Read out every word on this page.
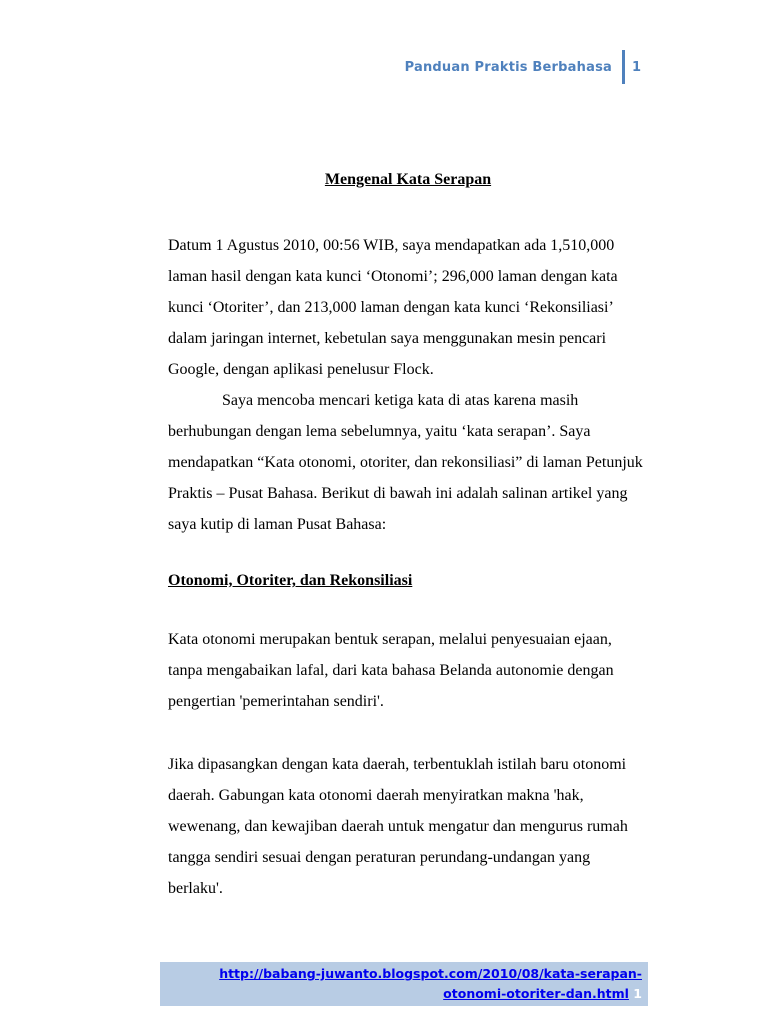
Panduan Praktis Berbahasa 1

Mengenal Kata Serapan

Datum 1 Agustus 2010, 00:56 WIB, saya mendapatkan ada 1,510,000 laman hasil dengan kata kunci ‘Otonomi’; 296,000 laman dengan kata kunci ‘Otoriter’, dan 213,000 laman dengan kata kunci ‘Rekonsiliasi’ dalam jaringan internet, kebetulan saya menggunakan mesin pencari Google, dengan aplikasi penelusur Flock.

Saya mencoba mencari ketiga kata di atas karena masih berhubungan dengan lema sebelumnya, yaitu ‘kata serapan’. Saya mendapatkan “Kata otonomi, otoriter, dan rekonsiliasi” di laman Petunjuk Praktis – Pusat Bahasa. Berikut di bawah ini adalah salinan artikel yang saya kutip di laman Pusat Bahasa:

Otonomi, Otoriter, dan Rekonsiliasi

Kata otonomi merupakan bentuk serapan, melalui penyesuaian ejaan, tanpa mengabaikan lafal, dari kata bahasa Belanda autonomie dengan pengertian 'pemerintahan sendiri'.

Jika dipasangkan dengan kata daerah, terbentuklah istilah baru otonomi daerah. Gabungan kata otonomi daerah menyiratkan makna 'hak, wewenang, dan kewajiban daerah untuk mengatur dan mengurus rumah tangga sendiri sesuai dengan peraturan perundang-undangan yang berlaku'.

http://babang-juwanto.blogspot.com/2010/08/kata-serapan-
otonomi-otoriter-dan.html 1
